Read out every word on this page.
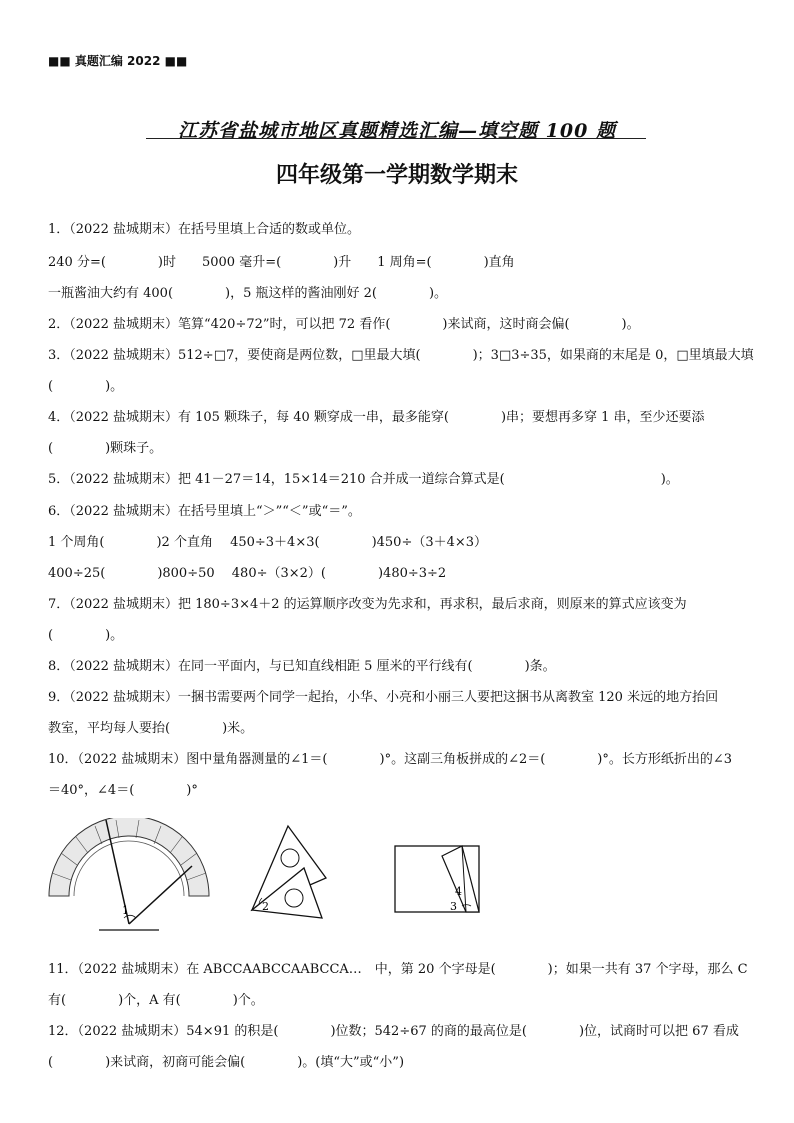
■■ 真题汇编 2022 ■■
江苏省盐城市地区真题精选汇编—填空题 100 题
四年级第一学期数学期末
1．（2022 盐城期末）在括号里填上合适的数或单位。
240 分=(　　　　)时　　5000 毫升=(　　　　)升　　1 周角=(　　　　)直角
一瓶酱油大约有 400(　　　　)，5 瓶这样的酱油刚好 2(　　　　)。
2．（2022 盐城期末）笔算“420÷72”时，可以把 72 看作(　　　　)来试商，这时商会偏(　　　　)。
3．（2022 盐城期末）512÷□7，要使商是两位数，□里最大填(　　　　)；3□3÷35，如果商的末尾是 0，□里填最大填
(　　　　)。
4．（2022 盐城期末）有 105 颗珠子，每 40 颗穿成一串，最多能穿(　　　　)串；要想再多穿 1 串，至少还要添
(　　　　)颗珠子。
5．（2022 盐城期末）把 41－27＝14，15×14＝210 合并成一道综合算式是(　　　　　　　　　　　　)。
6．（2022 盐城期末）在括号里填上“＞”“＜”或“＝”。
1 个周角(　　　　)2 个直角　 450÷3＋4×3(　　　　)450÷（3＋4×3）
400÷25(　　　　)800÷50　 480÷（3×2）(　　　　)480÷3÷2
7．（2022 盐城期末）把 180÷3×4＋2 的运算顺序改变为先求和，再求积，最后求商，则原来的算式应该变为
(　　　　)。
8．（2022 盐城期末）在同一平面内，与已知直线相距 5 厘米的平行线有(　　　　)条。
9．（2022 盐城期末）一捆书需要两个同学一起抬，小华、小亮和小丽三人要把这捆书从离教室 120 米远的地方抬回
教室，平均每人要抬(　　　　)米。
10．（2022 盐城期末）图中量角器测量的∠1＝(　　　　)°。这副三角板拼成的∠2＝(　　　　)°。长方形纸折出的∠3
＝40°，∠4＝(　　　　)°
1	2
4
3
11．（2022 盐城期末）在 ABCCAABCCAABCCA…　中，第 20 个字母是(　　　　)；如果一共有 37 个字母，那么 C
有(　　　　)个，A 有(　　　　)个。
12．（2022 盐城期末）54×91 的积是(　　　　)位数；542÷67 的商的最高位是(　　　　)位，试商时可以把 67 看成
(　　　　)来试商，初商可能会偏(　　　　)。(填“大”或“小”)
